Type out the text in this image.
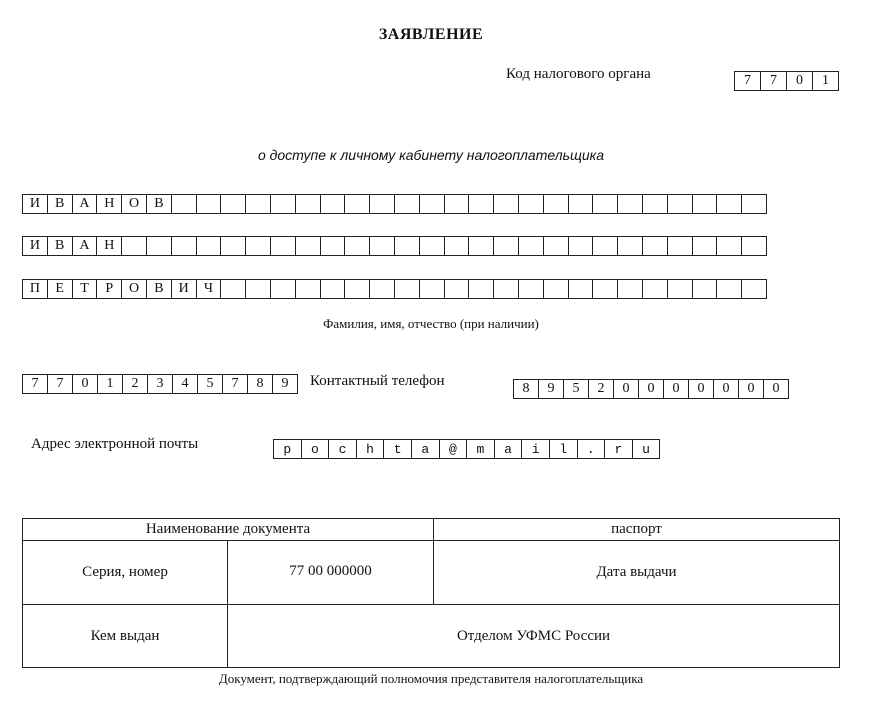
ЗАЯВЛЕНИЕ
Код налогового органа	7	7	0	1
о доступе к личному кабинету налогоплательщика
И	В	А	Н	О	В
И	В	А	Н
П	Е	Т	Р	О	В	И	Ч
Фамилия, имя, отчество (при наличии)
7	7	0	1	2	3	4	5	7	8	9	Контактный телефон	8	9	5	2	0	0	0	0	0	0	0
Адрес электронной почты	p	o	c	h	t	a	@	m	a	i	l	.	r	u
Наименование документа		паспорт
Серия, номер	77 00 000000	Дата выдачи
Кем выдан	Отделом УФМС России	
Документ, подтверждающий полномочия представителя налогоплательщика
